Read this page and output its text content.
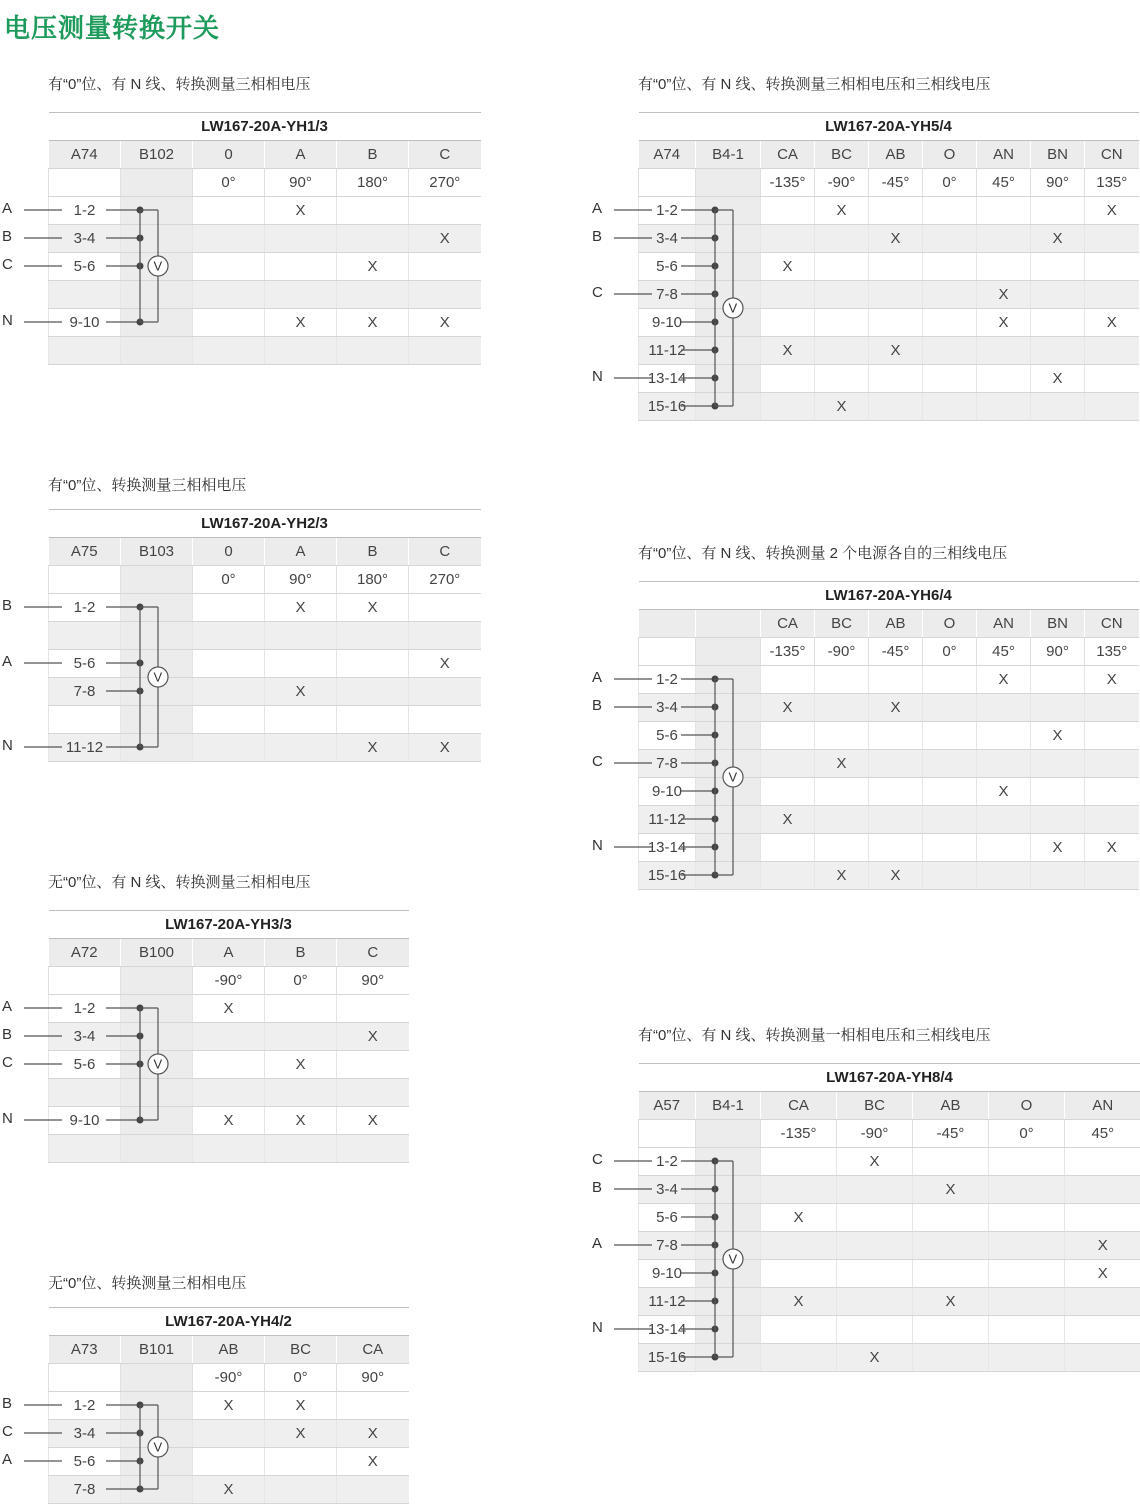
电压测量转换开关
有“0”位、有 N 线、转换测量三相相电压
LW167-20A-YH1/3					
A74	B102	0	A	B	C
		0°	90°	180°	270°
1-2			X		
3-4					X
5-6				X	

9-10			X	X	X

V
A
B
C
N
有“0”位、转换测量三相相电压
LW167-20A-YH2/3					
A75	B103	0	A	B	C
		0°	90°	180°	270°
1-2			X	X	

5-6					X
7-8			X		

11-12				X	X
V
B
A
N
无“0”位、有 N 线、转换测量三相相电压
LW167-20A-YH3/3				
A72	B100	A	B	C
		-90°	0°	90°
1-2		X		
3-4				X
5-6			X	

9-10		X	X	X

V
A
B
C
N
无“0”位、转换测量三相相电压
LW167-20A-YH4/2				
A73	B101	AB	BC	CA
		-90°	0°	90°
1-2		X	X	
3-4			X	X
5-6				X
7-8		X		
V
B
C
A
有“0”位、有 N 线、转换测量三相相电压和三相线电压
LW167-20A-YH5/4								
A74	B4-1	CA	BC	AB	O	AN	BN	CN
		-135°	-90°	-45°	0°	45°	90°	135°
1-2			X					X
3-4				X			X	
5-6		X						
7-8						X		
9-10						X		X
11-12		X		X				
13-14							X	
15-16			X					
V
A
B
C
N
有“0”位、有 N 线、转换测量 2 个电源各自的三相线电压
LW167-20A-YH6/4								
		CA	BC	AB	O	AN	BN	CN
		-135°	-90°	-45°	0°	45°	90°	135°
1-2						X		X
3-4		X		X				
5-6							X	
7-8			X					
9-10						X		
11-12		X						
13-14							X	X
15-16			X	X				
V
A
B
C
N
有“0”位、有 N 线、转换测量一相相电压和三相线电压
LW167-20A-YH8/4						
A57	B4-1	CA	BC	AB	O	AN
		-135°	-90°	-45°	0°	45°
1-2			X			
3-4				X		
5-6		X				
7-8						X
9-10						X
11-12		X		X		
13-14						
15-16			X			
V
C
B
A
N
